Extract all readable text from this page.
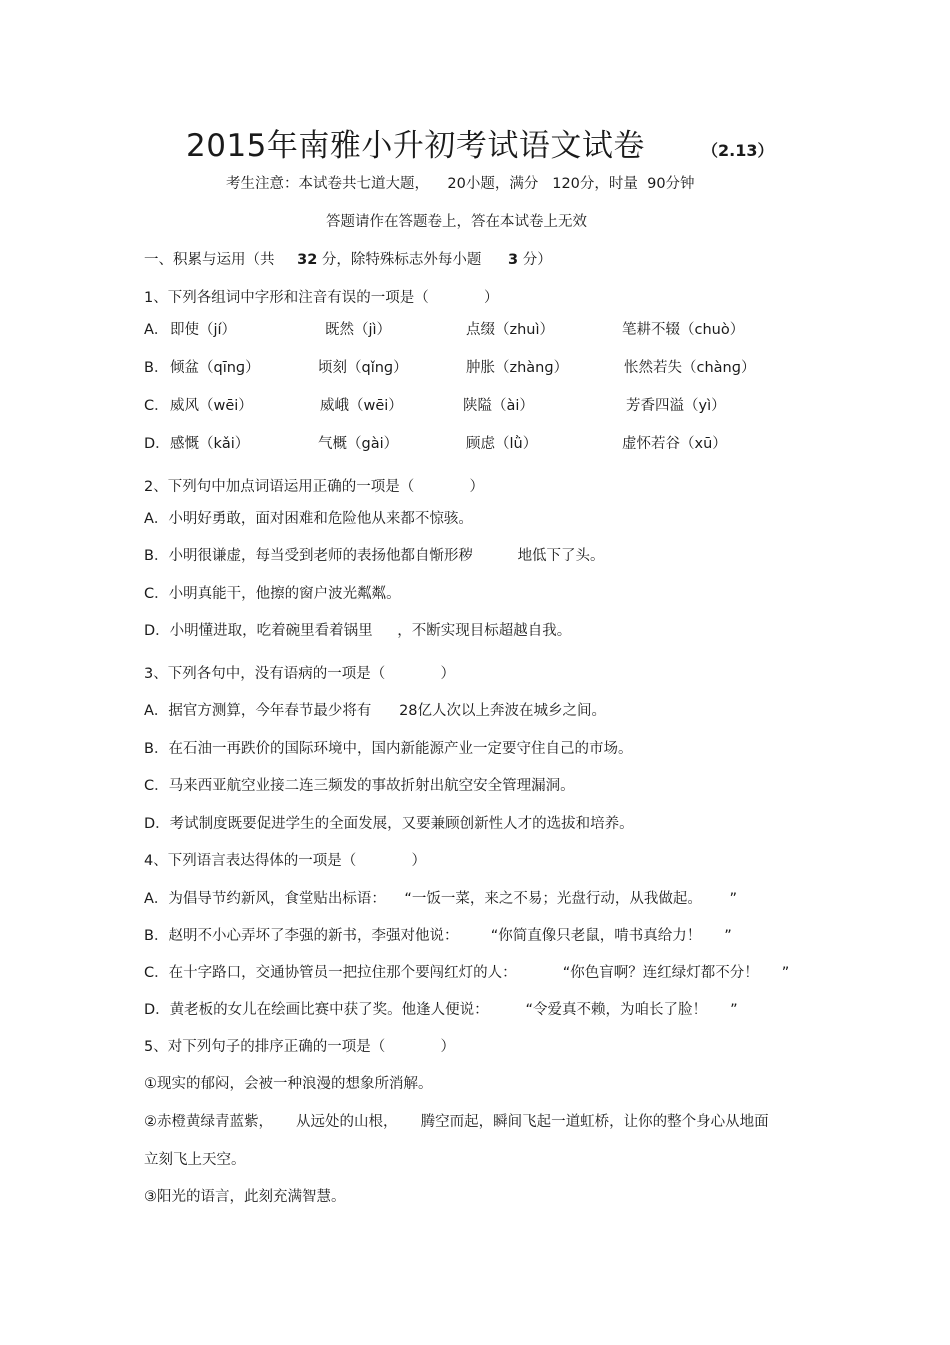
2015年南雅小升初考试语文试卷	（2.13）
考生注意：本试卷共七道大题，    20小题，满分   120分，时量  90分钟
答题请作在答题卷上，答在本试卷上无效
一、积累与运用（共 32 分，除特殊标志外每小题 3 分）
1、下列各组词中字形和注音有误的一项是（            ）
A． 即使（jí）	既然（jì）	点缀（zhuì）	笔耕不辍（chuò）
B． 倾盆（qīnɡ）	顷刻（qǐnɡ）	肿胀（zhànɡ）	怅然若失（chànɡ）
C． 威风（wēi）	威峨（wēi）	陕隘（ài）	芳香四溢（yì）
D． 感慨（kǎi）	气概（gài）	顾虑（lǜ）	虚怀若谷（xū）
2、下列句中加点词语运用正确的一项是（            ）
A．小明好勇敢，面对困难和危险他从来都不惊骇。
B．小明很谦虚，每当受到老师的表扬他都自惭形秽	地低下了头。
C．小明真能干，他擦的窗户波光粼粼。
D．小明懂进取，吃着碗里看着锅里 ，不断实现目标超越自我。
3、下列各句中，没有语病的一项是（            ）
A．据官方测算，今年春节最少将有      28亿人次以上奔波在城乡之间。
B．在石油一再跌价的国际环境中，国内新能源产业一定要守住自己的市场。
C．马来西亚航空业接二连三频发的事故折射出航空安全管理漏洞。
D．考试制度既要促进学生的全面发展，又要兼顾创新性人才的选拔和培养。
4、下列语言表达得体的一项是（            ）
A．为倡导节约新风，食堂贴出标语：    “一饭一菜，来之不易；光盘行动，从我做起。      ”
B．赵明不小心弄坏了李强的新书，李强对他说：       “你简直像只老鼠，啃书真给力！     ”
C．在十字路口，交通协管员一把拉住那个要闯红灯的人：          “你色盲啊？连红绿灯都不分！     ”
D．黄老板的女儿在绘画比赛中获了奖。他逢人便说：        “令爱真不赖，为咱长了脸！     ”
5、对下列句子的排序正确的一项是（            ）
①现实的郁闷，会被一种浪漫的想象所消解。
②赤橙黄绿青蓝紫，     从远处的山根，     腾空而起，瞬间飞起一道虹桥，让你的整个身心从地面
立刻飞上天空。
③阳光的语言，此刻充满智慧。
